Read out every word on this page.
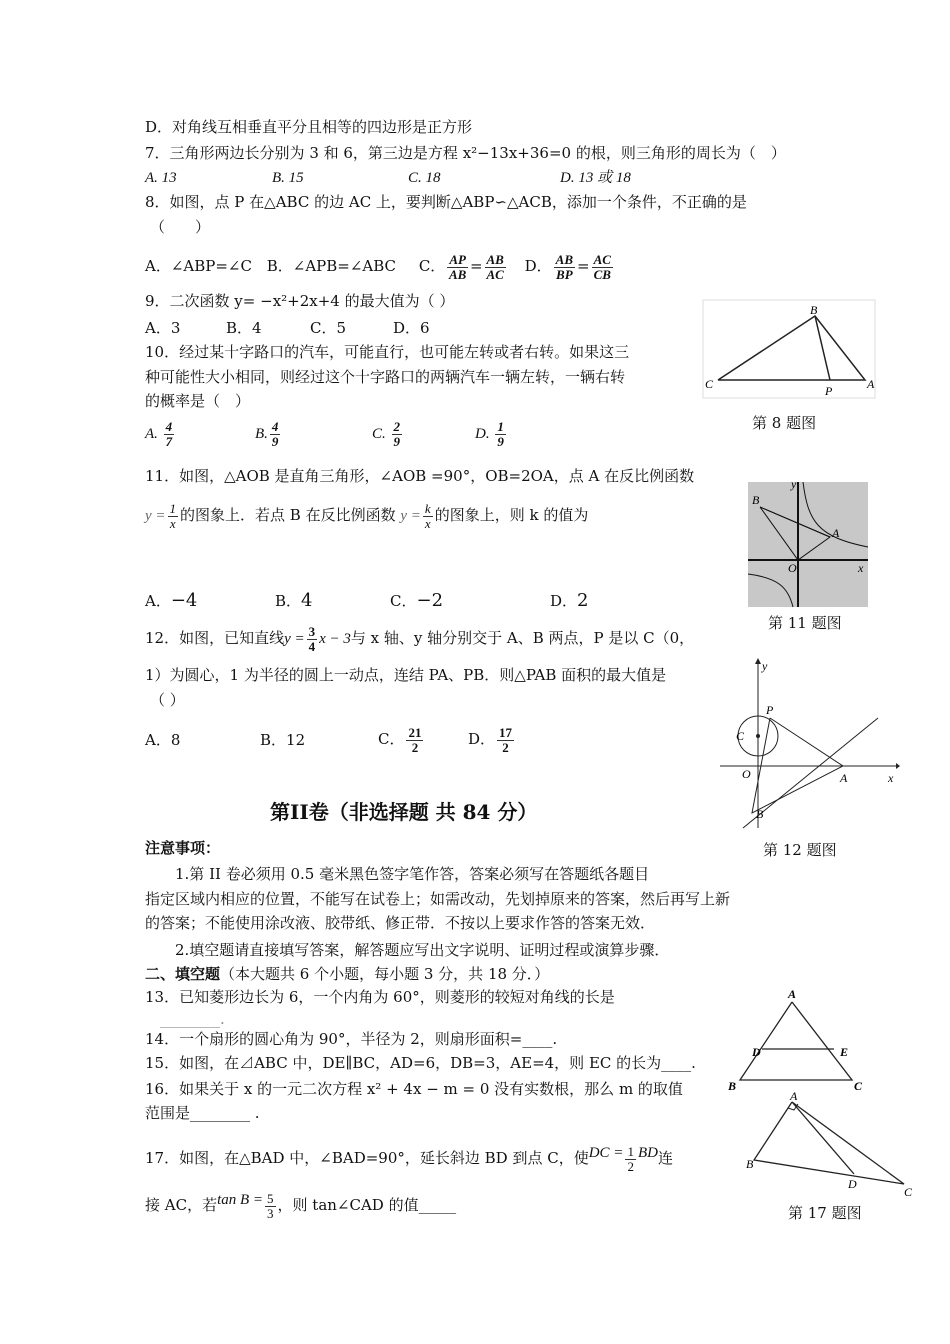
D．对角线互相垂直平分且相等的四边形是正方形
7．三角形两边长分别为 3 和 6，第三边是方程 x²−13x+36=0 的根，则三角形的周长为（　）
A. 13	B. 15	C. 18	D. 13 或 18
8．如图，点 P 在△ABC 的边 AC 上，要判断△ABP∽△ACB，添加一个条件，不正确的是
（　　）
A．∠ABP=∠C B．∠APB=∠ABC C． $\frac{AP}{AB} = \frac{AB}{AC}$ D． $\frac{AB}{BP} = \frac{AC}{CB}$
9．二次函数 y= −x²+2x+4 的最大值为（ ）
A．3	B．4	C．5	D．6
10．经过某十字路口的汽车，可能直行，也可能左转或者右转。如果这三
种可能性大小相同，则经过这个十字路口的两辆汽车一辆左转，一辆右转
的概率是（　）
A. $\frac{4}{7}$	B. $\frac{4}{9}$	C. $\frac{2}{9}$	D. $\frac{1}{9}$
11．如图，△AOB 是直角三角形，∠AOB =90°，OB=2OA，点 A 在反比例函数
$y = \frac{1}{x}$ 的图象上．若点 B 在反比例函数 $y = \frac{k}{x}$ 的图象上，则 k 的值为
A．−4	B．4	C．−2	D．2
12．如图，已知直线$y = \frac{3}{4}$ x − 3与 x 轴、y 轴分别交于 A、B 两点，P 是以 C（0，
1）为圆心，1 为半径的圆上一动点，连结 PA、PB．则△PAB 面积的最大值是
（ ）
A．8	B．12	C． $\frac{21}{2}$	D． $\frac{17}{2}$
第II卷（非选择题 共 84 分）
注意事项：
1.第 II 卷必须用 0.5 毫米黑色签字笔作答，答案必须写在答题纸各题目
指定区域内相应的位置，不能写在试卷上；如需改动，先划掉原来的答案，然后再写上新
的答案；不能使用涂改液、胶带纸、修正带．不按以上要求作答的答案无效．
2.填空题请直接填写答案，解答题应写出文字说明、证明过程或演算步骤．
二、填空题（本大题共 6 个小题，每小题 3 分，共 18 分．）
13．已知菱形边长为 6，一个内角为 60°，则菱形的较短对角线的长是
________.
14．一个扇形的圆心角为 90°，半径为 2，则扇形面积=____.
15．如图，在⊿ABC 中，DE∥BC，AD=6，DB=3，AE=4，则 EC 的长为____.
16．如果关于 x 的一元二次方程 x² + 4x − m = 0 没有实数根，那么 m 的取值
范围是________ .
17．如图，在△BAD 中，∠BAD=90°，延长斜边 BD 到点 C，使DC = $\frac{1}{2}$ BD连
接 AC，若$\tan B = \frac{5}{3}$ ，则 tan∠CAD 的值_____
B
C	P	A
第 8 题图
B
y
A
O	x
第 11 题图
y
P
C
O	A	x
B
第 12 题图
A
D	E
B	C
A
B
D
C
第 17 题图
